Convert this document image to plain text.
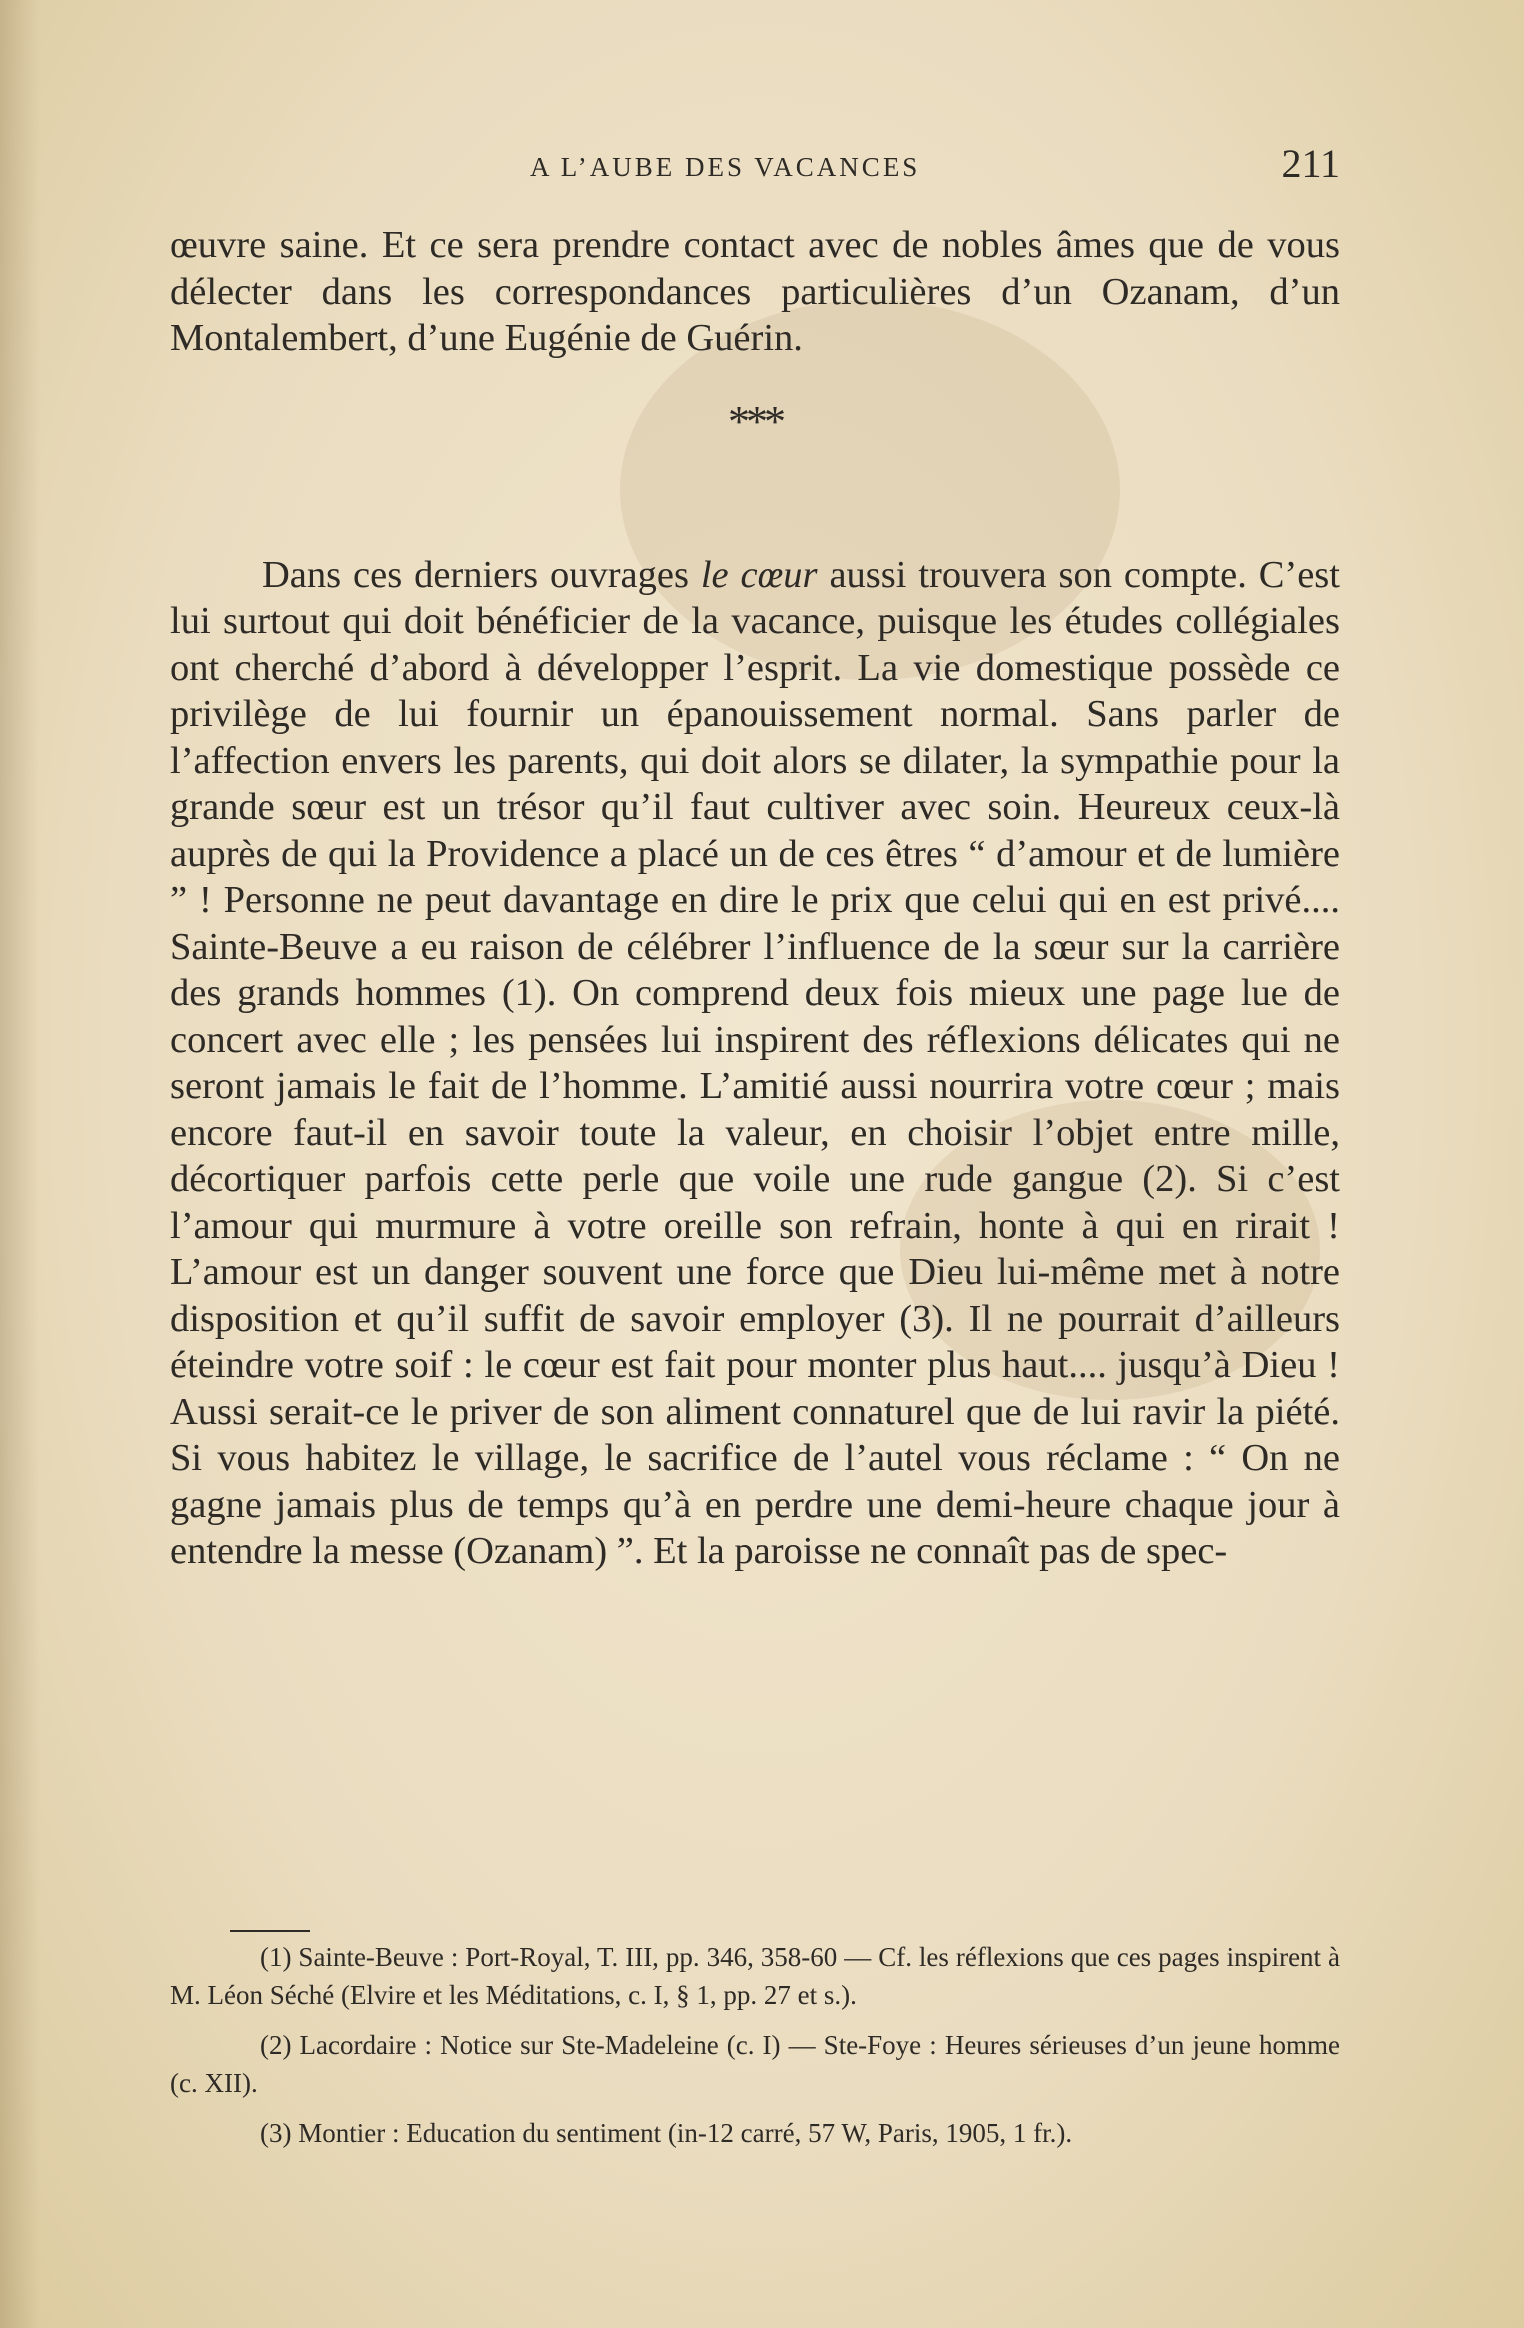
A L’AUBE DES VACANCES	211

œuvre saine. Et ce sera prendre contact avec de nobles âmes que de vous délecter dans les correspondances particulières d’un Ozanam, d’un Montalembert, d’une Eugénie de Guérin.

***

Dans ces derniers ouvrages le cœur aussi trouvera son compte. C’est lui surtout qui doit bénéficier de la vacance, puisque les études collégiales ont cherché d’abord à développer l’esprit. La vie domestique possède ce privilège de lui fournir un épanouissement normal. Sans parler de l’affection envers les parents, qui doit alors se dilater, la sympathie pour la grande sœur est un trésor qu’il faut cultiver avec soin. Heureux ceux-là auprès de qui la Providence a placé un de ces êtres “ d’amour et de lumière ” ! Personne ne peut davantage en dire le prix que celui qui en est privé.... Sainte-Beuve a eu raison de célébrer l’influence de la sœur sur la carrière des grands hommes (1). On comprend deux fois mieux une page lue de concert avec elle ; les pensées lui inspirent des réflexions délicates qui ne seront jamais le fait de l’homme. L’amitié aussi nourrira votre cœur ; mais encore faut-il en savoir toute la valeur, en choisir l’objet entre mille, décortiquer parfois cette perle que voile une rude gangue (2). Si c’est l’amour qui murmure à votre oreille son refrain, honte à qui en rirait ! L’amour est un danger souvent une force que Dieu lui-même met à notre disposition et qu’il suffit de savoir employer (3). Il ne pourrait d’ailleurs éteindre votre soif : le cœur est fait pour monter plus haut.... jusqu’à Dieu ! Aussi serait-ce le priver de son aliment connaturel que de lui ravir la piété. Si vous habitez le village, le sacrifice de l’autel vous réclame : “ On ne gagne jamais plus de temps qu’à en perdre une demi-heure chaque jour à entendre la messe (Ozanam) ”. Et la paroisse ne connaît pas de spec-

(1) Sainte-Beuve : Port-Royal, T. III, pp. 346, 358-60 — Cf. les réflexions que ces pages inspirent à M. Léon Séché (Elvire et les Méditations, c. I, § 1, pp. 27 et s.).

(2) Lacordaire : Notice sur Ste-Madeleine (c. I) — Ste-Foye : Heures sérieuses d’un jeune homme (c. XII).

(3) Montier : Education du sentiment (in-12 carré, 57 W, Paris, 1905, 1 fr.).
